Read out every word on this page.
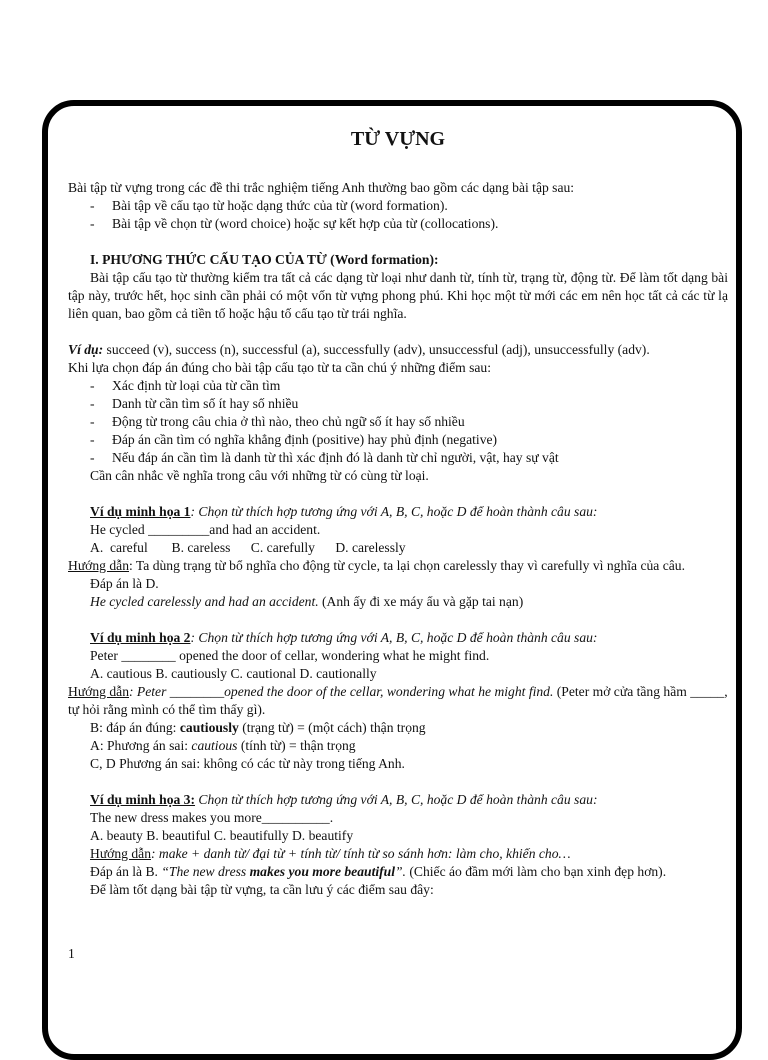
TỪ VỰNG

Bài tập từ vựng trong các đề thi trắc nghiệm tiếng Anh thường bao gồm các dạng bài tập sau:

- Bài tập về cấu tạo từ hoặc dạng thức của từ (word formation).

- Bài tập về chọn từ (word choice) hoặc sự kết hợp của từ (collocations).

I. PHƯƠNG THỨC CẤU TẠO CỦA TỪ (Word formation):

Bài tập cấu tạo từ thường kiểm tra tất cả các dạng từ loại như danh từ, tính từ, trạng từ, động từ. Để làm tốt dạng bài tập này, trước hết, học sinh cần phải có một vốn từ vựng phong phú. Khi học một từ mới các em nên học tất cả các từ lạ liên quan, bao gồm cả tiền tố hoặc hậu tố cấu tạo từ trái nghĩa.

Ví dụ: succeed (v), success (n), successful (a), successfully (adv), unsuccessful (adj), unsuccessfully (adv).

Khi lựa chọn đáp án đúng cho bài tập cấu tạo từ ta cần chú ý những điểm sau:

- Xác định từ loại của từ cần tìm

- Danh từ cần tìm số ít hay số nhiều

- Động từ trong câu chia ở thì nào, theo chủ ngữ số ít hay số nhiều

- Đáp án cần tìm có nghĩa khẳng định (positive) hay phủ định (negative)

- Nếu đáp án cần tìm là danh từ thì xác định đó là danh từ chỉ người, vật, hay sự vật

Cần cân nhắc về nghĩa trong câu với những từ có cùng từ loại.

Ví dụ minh họa 1: Chọn từ thích hợp tương ứng với A, B, C, hoặc D để hoàn thành câu sau:

He cycled _________and had an accident.

A.  careful       B. careless      C. carefully      D. carelessly

Hướng dẫn: Ta dùng trạng từ bổ nghĩa cho động từ cycle, ta lại chọn carelessly thay vì carefully vì nghĩa của câu.

Đáp án là D.

He cycled carelessly and had an accident. (Anh ấy đi xe máy ẩu và gặp tai nạn)

Ví dụ minh họa 2: Chọn từ thích hợp tương ứng với A, B, C, hoặc D để hoàn thành câu sau:

Peter ________ opened the door of cellar, wondering what he might find.

A. cautious B. cautiously C. cautional D. cautionally

Hướng dẫn: Peter ________opened the door of the cellar, wondering what he might find. (Peter mở cửa tầng hầm _____, tự hỏi rằng mình có thể tìm thấy gì).

B: đáp án đúng: cautiously (trạng từ) = (một cách) thận trọng

A: Phương án sai: cautious (tính từ) = thận trọng

C, D Phương án sai: không có các từ này trong tiếng Anh.

Ví dụ minh họa 3: Chọn từ thích hợp tương ứng với A, B, C, hoặc D để hoàn thành câu sau:

The new dress makes you more__________.

A. beauty B. beautiful C. beautifully D. beautify

Hướng dẫn: make + danh từ/ đại từ + tính từ/ tính từ so sánh hơn: làm cho, khiến cho…

Đáp án là B. “The new dress makes you more beautiful”. (Chiếc áo đầm mới làm cho bạn xinh đẹp hơn).

Để làm tốt dạng bài tập từ vựng, ta cần lưu ý các điểm sau đây:

1
